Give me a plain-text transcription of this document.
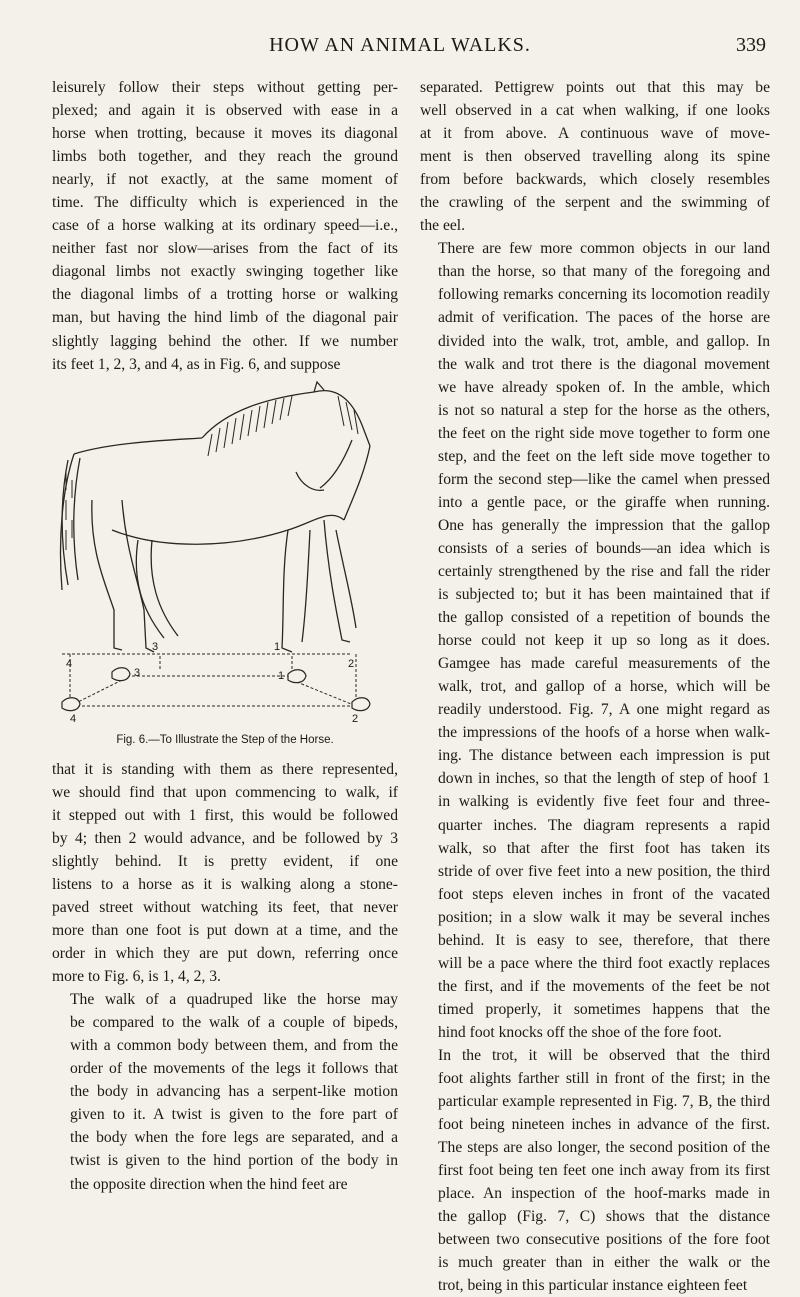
HOW AN ANIMAL WALKS.	339

leisurely follow their steps without getting per-
plexed; and again it is observed with ease in a
horse when trotting, because it moves its diagonal
limbs both together, and they reach the ground
nearly, if not exactly, at the same moment of
time. The difficulty which is experienced in the
case of a horse walking at its ordinary speed—i.e.,
neither fast nor slow—arises from the fact of its
diagonal limbs not exactly swinging together like
the diagonal limbs of a trotting horse or walking
man, but having the hind limb of the diagonal pair
slightly lagging behind the other. If we number
its feet 1, 2, 3, and 4, as in Fig. 6, and suppose

4
3	1
2
3	1
4	2
Fig. 6.—To Illustrate the Step of the Horse.

that it is standing with them as there represented,
we should find that upon commencing to walk, if
it stepped out with 1 first, this would be followed
by 4; then 2 would advance, and be followed by 3
slightly behind. It is pretty evident, if one
listens to a horse as it is walking along a stone-
paved street without watching its feet, that never
more than one foot is put down at a time, and the
order in which they are put down, referring once
more to Fig. 6, is 1, 4, 2, 3.

The walk of a quadruped like the horse may
be compared to the walk of a couple of bipeds,
with a common body between them, and from the
order of the movements of the legs it follows that
the body in advancing has a serpent-like motion
given to it. A twist is given to the fore part of
the body when the fore legs are separated, and a
twist is given to the hind portion of the body in
the opposite direction when the hind feet are

separated. Pettigrew points out that this may be
well observed in a cat when walking, if one looks
at it from above. A continuous wave of move-
ment is then observed travelling along its spine
from before backwards, which closely resembles
the crawling of the serpent and the swimming of
the eel.

There are few more common objects in our land
than the horse, so that many of the foregoing and
following remarks concerning its locomotion readily
admit of verification. The paces of the horse are
divided into the walk, trot, amble, and gallop. In
the walk and trot there is the diagonal movement
we have already spoken of. In the amble, which
is not so natural a step for the horse as the others,
the feet on the right side move together to form one
step, and the feet on the left side move together to
form the second step—like the camel when pressed
into a gentle pace, or the giraffe when running.
One has generally the impression that the gallop
consists of a series of bounds—an idea which is
certainly strengthened by the rise and fall the rider
is subjected to; but it has been maintained that if
the gallop consisted of a repetition of bounds the
horse could not keep it up so long as it does.
Gamgee has made careful measurements of the
walk, trot, and gallop of a horse, which will be
readily understood. Fig. 7, A one might regard as
the impressions of the hoofs of a horse when walk-
ing. The distance between each impression is put
down in inches, so that the length of step of hoof 1
in walking is evidently five feet four and three-
quarter inches. The diagram represents a rapid
walk, so that after the first foot has taken its
stride of over five feet into a new position, the third
foot steps eleven inches in front of the vacated
position; in a slow walk it may be several inches
behind. It is easy to see, therefore, that there
will be a pace where the third foot exactly replaces
the first, and if the movements of the feet be not
timed properly, it sometimes happens that the
hind foot knocks off the shoe of the fore foot.

In the trot, it will be observed that the third
foot alights farther still in front of the first; in the
particular example represented in Fig. 7, B, the third
foot being nineteen inches in advance of the first.
The steps are also longer, the second position of the
first foot being ten feet one inch away from its first
place. An inspection of the hoof-marks made in
the gallop (Fig. 7, C) shows that the distance
between two consecutive positions of the fore foot
is much greater than in either the walk or the
trot, being in this particular instance eighteen feet
